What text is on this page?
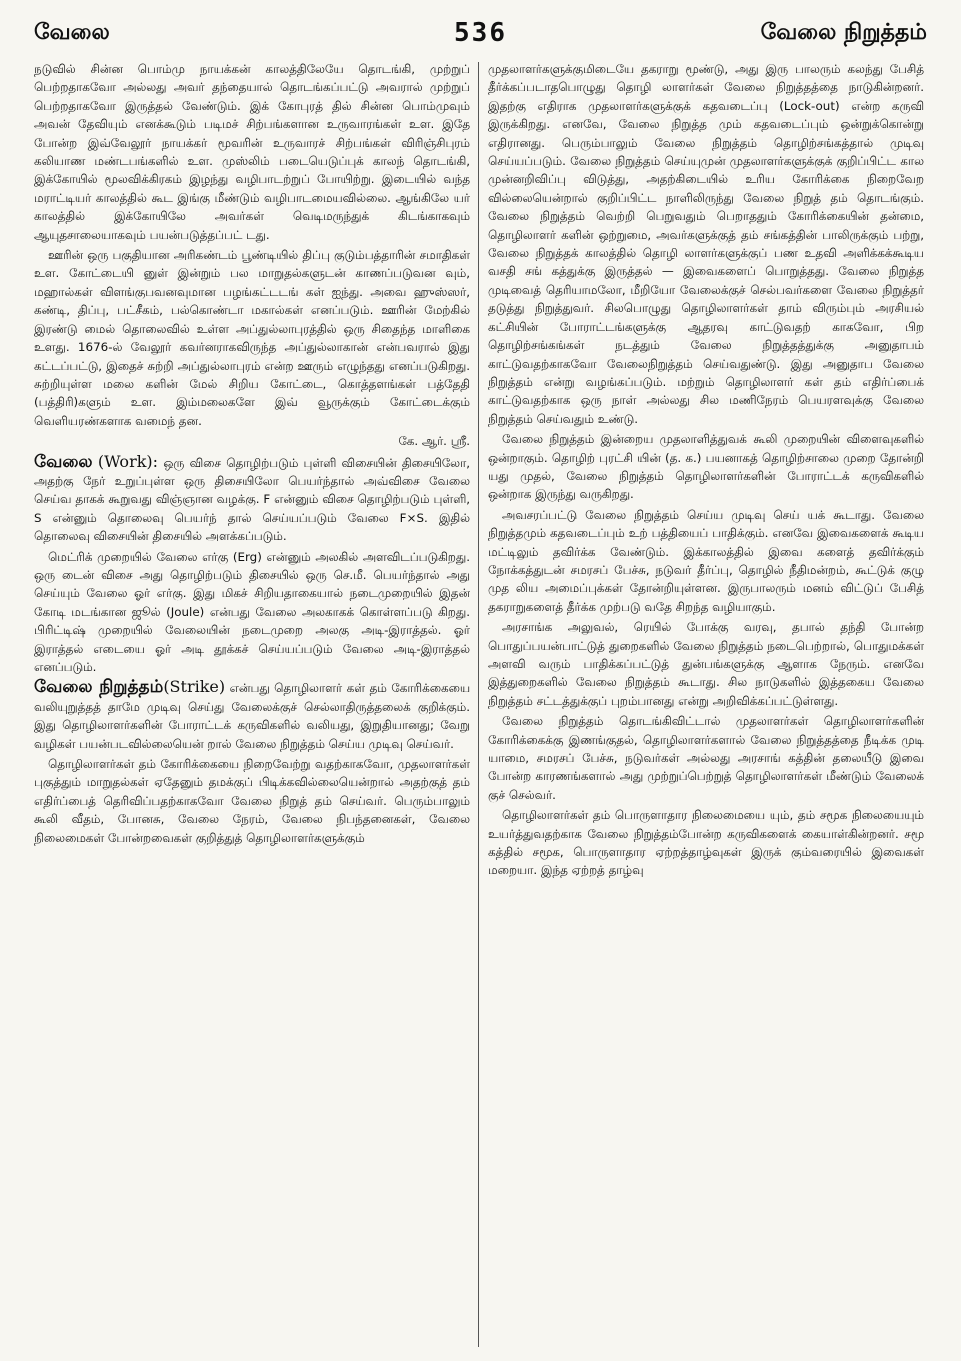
வேலை	536	வேலை நிறுத்தம்

நடுவில் சின்ன பொம்மு நாயக்கன் காலத்திலேயே தொடங்கி, முற்றுப் பெற்றதாகவோ அல்லது அவர் தந்தையால் தொடங்கப்பட்டு அவரால் முற்றுப் பெற்றதாகவோ இருத்தல் வேண்டும். இக் கோபுரத் தில் சின்ன பொம்முவும் அவன் தேவியும் எனக்கூடும் படிமச் சிற்பங்களான உருவாரங்கள் உள. இதே போன்ற இவ்வேலூர் நாயக்கர் மூவரின் உருவாரச் சிற்பங்கள் விரிஞ்சிபுரம் கலியாண மண்டபங்களில் உள. முஸ்லிம் படையெடுப்புக் காலந் தொடங்கி, இக்கோயில் மூலவிக்கிரகம் இழந்து வழிபாடற்றுப் போயிற்று. இடையில் வந்த மராட்டியர் காலத்தில் கூட இங்கு மீண்டும் வழிபாடமையவில்லை. ஆங்கிலே யர் காலத்தில் இக்கோயிலே அவர்கள் வெடிமருந்துக் கிடங்காகவும் ஆயுதசாலையாகவும் பயன்படுத்தப்பட் டது.

ஊரின் ஒரு பகுதியான அரிகண்டம் பூண்டியில் திப்பு குடும்பத்தாரின் சமாதிகள் உள. கோட்டையி னுள் இன்றும் பல மாறுதல்களுடன் காணப்படுவன வும், மஹால்கள் விளங்குபவனவுமான பழங்கட்டடங் கள் ஐந்து. அவை ஹுஸ்ஸர், கண்டி, திப்பு, பட்சீகம், பல்கொண்டா மகால்கள் எனப்படும். ஊரின் மேற்கில் இரண்டு மைல் தொலைவில் உள்ள அப்துல்லாபுரத்தில் ஒரு சிதைந்த மாளிகை உளது. 1676-ல் வேலூர் கவர்னராகவிருந்த அப்துல்லாகான் என்பவரால் இது கட்டப்பட்டு, இதைச் சுற்றி அப்துல்லாபுரம் என்ற ஊரும் எழுந்தது எனப்படுகிறது. சுற்றியுள்ள மலை களின் மேல் சிறிய கோட்டை, கொத்தளங்கள் பத்தேதி (பத்திரி)களும் உள. இம்மலைகளே இவ் வூருக்கும் கோட்டைக்கும் வெளியரண்களாக வமைந் தன.

கே. ஆர். ஸ்ரீ.

வேலை (Work): ஒரு விசை தொழிற்படும் புள்ளி விசையின் திசையிலோ, அதற்கு நேர் உறுப்புள்ள ஒரு திசையிலோ பெயர்ந்தால் அவ்விசை வேலை செய்வ தாகக் கூறுவது விஞ்ஞான வழக்கு. F என்னும் விசை தொழிற்படும் புள்ளி, S என்னும் தொலைவு பெயர்ந் தால் செய்யப்படும் வேலை F×S. இதில் தொலைவு விசையின் திசையில் அளக்கப்படும்.

மெட்ரிக் முறையில் வேலை எர்கு (Erg) என்னும் அலகில் அளவிடப்படுகிறது. ஒரு டைன் விசை அது தொழிற்படும் திசையில் ஒரு செ.மீ. பெயர்ந்தால் அது செய்யும் வேலை ஓர் எர்கு. இது மிகச் சிறியதாகையால் நடைமுறையில் இதன் கோடி மடங்கான ஜூல் (Joule) என்பது வேலை அலகாகக் கொள்ளப்படு கிறது. பிரிட்டிஷ் முறையில் வேலையின் நடைமுறை அலகு அடி-இராத்தல். ஓர் இராத்தல் எடையை ஓர் அடி தூக்கச் செய்யப்படும் வேலை அடி-இராத்தல் எனப்படும்.

வேலை நிறுத்தம்(Strike) என்பது தொழிலாளர் கள் தம் கோரிக்கையை வலியுறுத்தத் தாமே முடிவு செய்து வேலைக்குச் செல்லாதிருத்தலைக் குறிக்கும். இது தொழிலாளர்களின் போராட்டக் கருவிகளில் வலியது, இறுதியானது; வேறு வழிகள் பயன்படவில்லையென் றால் வேலை நிறுத்தம் செய்ய முடிவு செய்வர்.

தொழிலாளர்கள் தம் கோரிக்கையை நிறைவேற்று வதற்காகவோ, முதலாளர்கள் புகுத்தும் மாறுதல்கள் ஏதேனும் தமக்குப் பிடிக்கவில்லையென்றால் அதற்குத் தம் எதிர்ப்பைத் தெரிவிப்பதற்காகவோ வேலை நிறுத் தம் செய்வர். பெரும்பாலும் கூலி வீதம், போனசு, வேலை நேரம், வேலை நிபந்தனைகள், வேலை நிலைமைகள் போன்றவைகள் குறித்துத் தொழிலாளர்களுக்கும்

முதலாளர்களுக்குமிடையே தகராறு மூண்டு, அது இரு பாலரும் கலந்து பேசித் தீர்க்கப்படாதபொழுது தொழி லாளர்கள் வேலை நிறுத்தத்தை நாடுகின்றனர். இதற்கு எதிராக முதலாளர்களுக்குக் கதவடைப்பு (Lock-out) என்ற கருவி இருக்கிறது. எனவே, வேலை நிறுத்த மும் கதவடைப்பும் ஒன்றுக்கொன்று எதிரானது. பெரும்பாலும் வேலை நிறுத்தம் தொழிற்சங்கத்தால் முடிவு செய்யப்படும். வேலை நிறுத்தம் செய்யுமுன் முதலாளர்களுக்குக் குறிப்பிட்ட கால முன்னறிவிப்பு விடுத்து, அதற்கிடையில் உரிய கோரிக்கை நிறைவேற வில்லையென்றால் குறிப்பிட்ட நாளிலிருந்து வேலை நிறுத் தம் தொடங்கும். வேலை நிறுத்தம் வெற்றி பெறுவதும் பெறாததும் கோரிக்கையின் தன்மை, தொழிலாளர் களின் ஒற்றுமை, அவர்களுக்குத் தம் சங்கத்தின் பாலிருக்கும் பற்று, வேலை நிறுத்தக் காலத்தில் தொழி லாளர்களுக்குப் பண உதவி அளிக்கக்கூடிய வசதி சங் கத்துக்கு இருத்தல் — இவைகளைப் பொறுத்தது. வேலை நிறுத்த முடிவைத் தெரியாமலோ, மீறியோ வேலைக்குச் செல்பவர்களை வேலை நிறுத்தர் தடுத்து நிறுத்துவர். சிலபொழுது தொழிலாளர்கள் தாம் விரும்பும் அரசியல் கட்சியின் போராட்டங்களுக்கு ஆதரவு காட்டுவதற் காகவோ, பிற தொழிற்சங்கங்கள் நடத்தும் வேலை நிறுத்தத்துக்கு அனுதாபம் காட்டுவதற்காகவோ வேலைநிறுத்தம் செய்வதுண்டு. இது அனுதாப வேலை நிறுத்தம் என்று வழங்கப்படும். மற்றும் தொழிலாளர் கள் தம் எதிர்ப்பைக் காட்டுவதற்காக ஒரு நாள் அல்லது சில மணிநேரம் பெயரளவுக்கு வேலை நிறுத்தம் செய்வதும் உண்டு.

வேலை நிறுத்தம் இன்றைய முதலாளித்துவக் கூலி முறையின் விளைவுகளில் ஒன்றாகும். தொழிற் புரட்சி யின் (த. க.) பயனாகத் தொழிற்சாலை முறை தோன்றி யது முதல், வேலை நிறுத்தம் தொழிலாளர்களின் போராட்டக் கருவிகளில் ஒன்றாக இருந்து வருகிறது.

அவசரப்பட்டு வேலை நிறுத்தம் செய்ய முடிவு செய் யக் கூடாது. வேலை நிறுத்தமும் கதவடைப்பும் உற் பத்தியைப் பாதிக்கும். எனவே இவைகளைக் கூடிய மட்டிலும் தவிர்க்க வேண்டும். இக்காலத்தில் இவை களைத் தவிர்க்கும் நோக்கத்துடன் சமரசப் பேச்சு, நடுவர் தீர்ப்பு, தொழில் நீதிமன்றம், கூட்டுக் குழு முத லிய அமைப்புக்கள் தோன்றியுள்ளன. இருபாலரும் மனம் விட்டுப் பேசித் தகராறுகளைத் தீர்க்க முற்படு வதே சிறந்த வழியாகும்.

அரசாங்க அலுவல், ரெயில் போக்கு வரவு, தபால் தந்தி போன்ற பொதுப்பயன்பாட்டுத் துறைகளில் வேலை நிறுத்தம் நடைபெற்றால், பொதுமக்கள் அளவி வரும் பாதிக்கப்பட்டுத் துன்பங்களுக்கு ஆளாக நேரும். எனவே இத்துறைகளில் வேலை நிறுத்தம் கூடாது. சில நாடுகளில் இத்தகைய வேலை நிறுத்தம் சட்டத்துக்குப் புறம்பானது என்று அறிவிக்கப்பட்டுள்ளது.

வேலை நிறுத்தம் தொடங்கிவிட்டால் முதலாளர்கள் தொழிலாளர்களின் கோரிக்கைக்கு இணங்குதல், தொழிலாளர்களால் வேலை நிறுத்தத்தை நீடிக்க முடி யாமை, சமரசப் பேச்சு, நடுவர்கள் அல்லது அரசாங் கத்தின் தலையீடு இவை போன்ற காரணங்களால் அது முற்றுப்பெற்றுத் தொழிலாளர்கள் மீண்டும் வேலைக் குச் செல்வர்.

தொழிலாளர்கள் தம் பொருளாதார நிலைமையை யும், தம் சமூக நிலையையும் உயர்த்துவதற்காக வேலை நிறுத்தம்போன்ற கருவிகளைக் கையாள்கின்றனர். சமூ கத்தில் சமூக, பொருளாதார ஏற்றத்தாழ்வுகள் இருக் கும்வரையில் இவைகள் மறையா. இந்த ஏற்றத் தாழ்வு
